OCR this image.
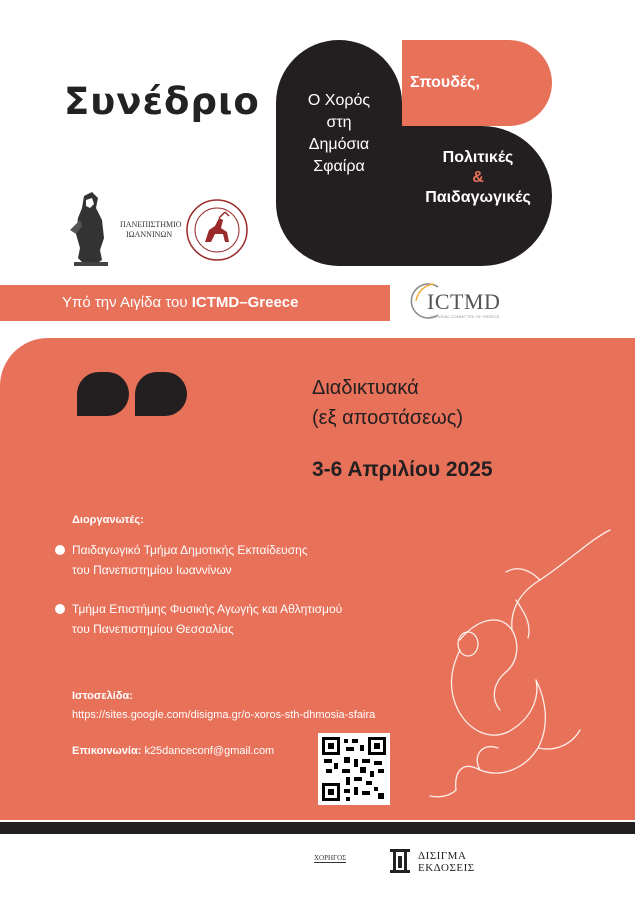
Συνέδριο	Ο Χορός
στη
Δημόσια
Σφαίρα
Σπουδές,
Πολιτικές
&
Παιδαγωγικές
ΠΑΝΕΠΙΣΤΗΜΙΟ
ΙΩΑΝΝΙΝΩΝ
Υπό την Αιγίδα του ICTMD–Greece	ICTMD
NATIONAL COMMITTEE OF GREECE
Διαδικτυακά
(εξ αποστάσεως)
3-6 Απριλίου 2025
Διοργανωτές:
Παιδαγωγικό Τμήμα Δημοτικής Εκπαίδευσης
του Πανεπιστημίου Ιωαννίνων
Τμήμα Επιστήμης Φυσικής Αγωγής και Αθλητισμού
του Πανεπιστημίου Θεσσαλίας
Ιστοσελίδα:
https://sites.google.com/disigma.gr/o-xoros-sth-dhmosia-sfaira
Επικοινωνία: k25danceconf@gmail.com
ΧΟΡΗΓΟΣ	ΔΙΣΙΓΜΑ
ΕΚΔΟΣΕΙΣ
